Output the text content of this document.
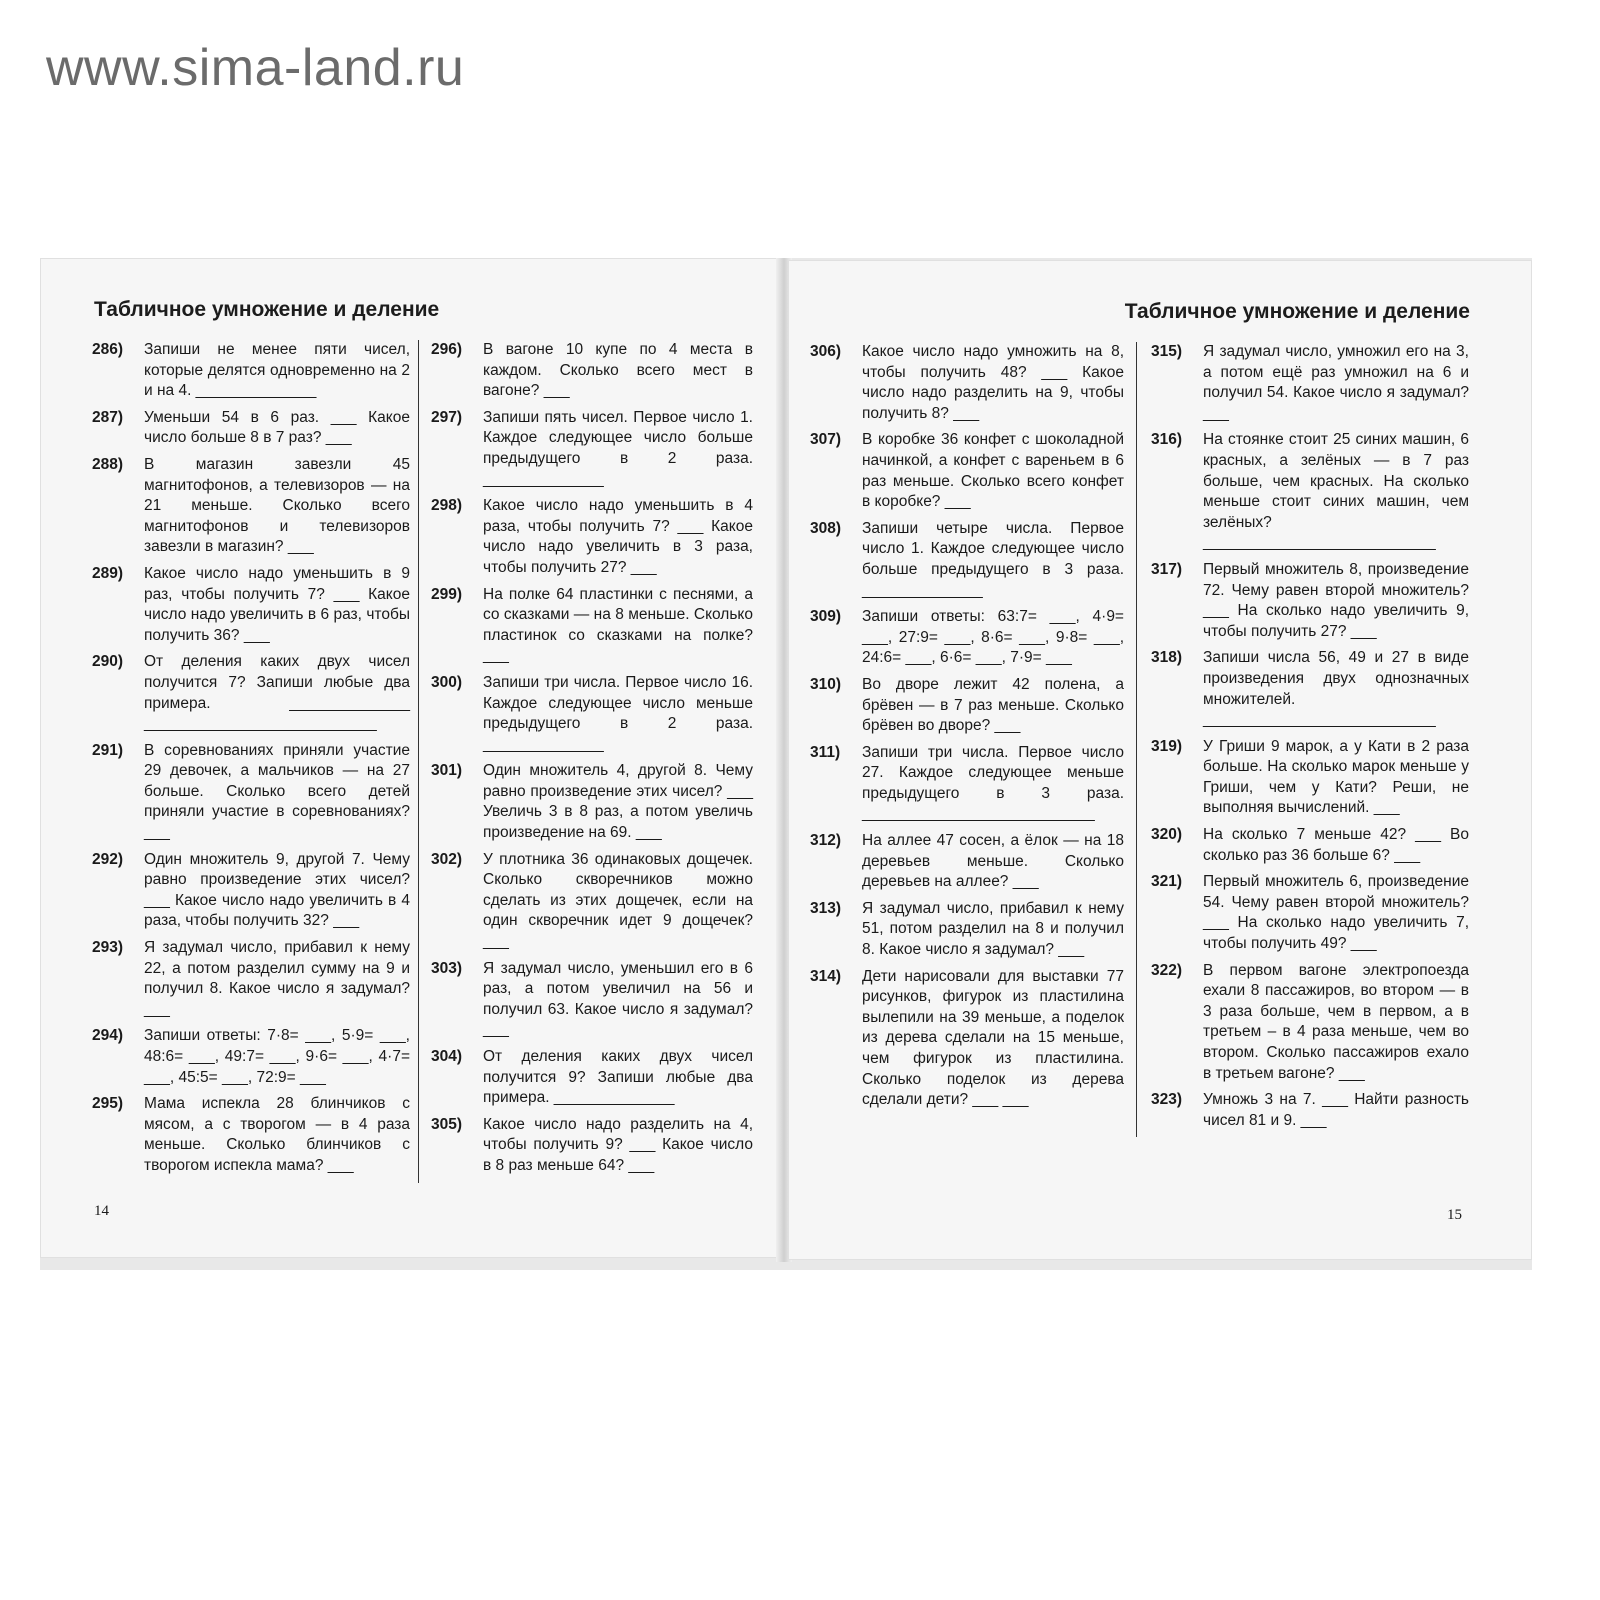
www.sima-land.ru
Табличное умножение и деление
286)	Запиши не менее пяти чисел, которые делятся одновременно на 2 и на 4. ______________
287)	Уменьши 54 в 6 раз. ___ Какое число больше 8 в 7 раз? ___
288)	В магазин завезли 45 магнитофонов, а телевизоров — на 21 меньше. Сколько всего магнитофонов и телевизоров завезли в магазин? ___
289)	Какое число надо уменьшить в 9 раз, чтобы получить 7? ___ Какое число надо увеличить в 6 раз, чтобы получить 36? ___
290)	От деления каких двух чисел получится 7? Запиши любые два примера. ______________ ___________________________
291)	В соревнованиях приняли участие 29 девочек, а мальчиков — на 27 больше. Сколько всего детей приняли участие в соревнованиях? ___
292)	Один множитель 9, другой 7. Чему равно произведение этих чисел? ___ Какое число надо увеличить в 4 раза, чтобы получить 32? ___
293)	Я задумал число, прибавил к нему 22, а потом разделил сумму на 9 и получил 8. Какое число я задумал? ___
294)	Запиши ответы: 7·8= ___, 5·9= ___, 48:6= ___, 49:7= ___, 9·6= ___, 4·7= ___, 45:5= ___, 72:9= ___
295)	Мама испекла 28 блинчиков с мясом, а с творогом — в 4 раза меньше. Сколько блинчиков с творогом испекла мама? ___
296)	В вагоне 10 купе по 4 места в каждом. Сколько всего мест в вагоне? ___
297)	Запиши пять чисел. Первое число 1. Каждое следующее число больше предыдущего в 2 раза. ______________
298)	Какое число надо уменьшить в 4 раза, чтобы получить 7? ___ Какое число надо увеличить в 3 раза, чтобы получить 27? ___
299)	На полке 64 пластинки с песнями, а со сказками — на 8 меньше. Сколько пластинок со сказками на полке? ___
300)	Запиши три числа. Первое число 16. Каждое следующее число меньше предыдущего в 2 раза. ______________
301)	Один множитель 4, другой 8. Чему равно произведение этих чисел? ___ Увеличь 3 в 8 раз, а потом увеличь произведение на 69. ___
302)	У плотника 36 одинаковых дощечек. Сколько скворечников можно сделать из этих дощечек, если на один скворечник идет 9 дощечек? ___
303)	Я задумал число, уменьшил его в 6 раз, а потом увеличил на 56 и получил 63. Какое число я задумал? ___
304)	От деления каких двух чисел получится 9? Запиши любые два примера. ______________
305)	Какое число надо разделить на 4, чтобы получить 9? ___ Какое число в 8 раз меньше 64? ___
14
Табличное умножение и деление
306)	Какое число надо умножить на 8, чтобы получить 48? ___ Какое число надо разделить на 9, чтобы получить 8? ___
307)	В коробке 36 конфет с шоколадной начинкой, а конфет с вареньем в 6 раз меньше. Сколько всего конфет в коробке? ___
308)	Запиши четыре числа. Первое число 1. Каждое следующее число больше предыдущего в 3 раза. ______________
309)	Запиши ответы: 63:7= ___, 4·9= ___, 27:9= ___, 8·6= ___, 9·8= ___, 24:6= ___, 6·6= ___, 7·9= ___
310)	Во дворе лежит 42 полена, а брёвен — в 7 раз меньше. Сколько брёвен во дворе? ___
311)	Запиши три числа. Первое число 27. Каждое следующее меньше предыдущего в 3 раза. ___________________________
312)	На аллее 47 сосен, а ёлок — на 18 деревьев меньше. Сколько деревьев на аллее? ___
313)	Я задумал число, прибавил к нему 51, потом разделил на 8 и получил 8. Какое число я задумал? ___
314)	Дети нарисовали для выставки 77 рисунков, фигурок из пластилина вылепили на 39 меньше, а поделок из дерева сделали на 15 меньше, чем фигурок из пластилина. Сколько поделок из дерева сделали дети? ___ ___
315)	Я задумал число, умножил его на 3, а потом ещё раз умножил на 6 и получил 54. Какое число я задумал? ___
316)	На стоянке стоит 25 синих машин, 6 красных, а зелёных — в 7 раз больше, чем красных. На сколько меньше стоит синих машин, чем зелёных? ___________________________
317)	Первый множитель 8, произведение 72. Чему равен второй множитель? ___ На сколько надо увеличить 9, чтобы получить 27? ___
318)	Запиши числа 56, 49 и 27 в виде произведения двух однозначных множителей. ___________________________
319)	У Гриши 9 марок, а у Кати в 2 раза больше. На сколько марок меньше у Гриши, чем у Кати? Реши, не выполняя вычислений. ___
320)	На сколько 7 меньше 42? ___ Во сколько раз 36 больше 6? ___
321)	Первый множитель 6, произведение 54. Чему равен второй множитель? ___ На сколько надо увеличить 7, чтобы получить 49? ___
322)	В первом вагоне электропоезда ехали 8 пассажиров, во втором — в 3 раза больше, чем в первом, а в третьем – в 4 раза меньше, чем во втором. Сколько пассажиров ехало в третьем вагоне? ___
323)	Умножь 3 на 7. ___ Найти разность чисел 81 и 9. ___
15
